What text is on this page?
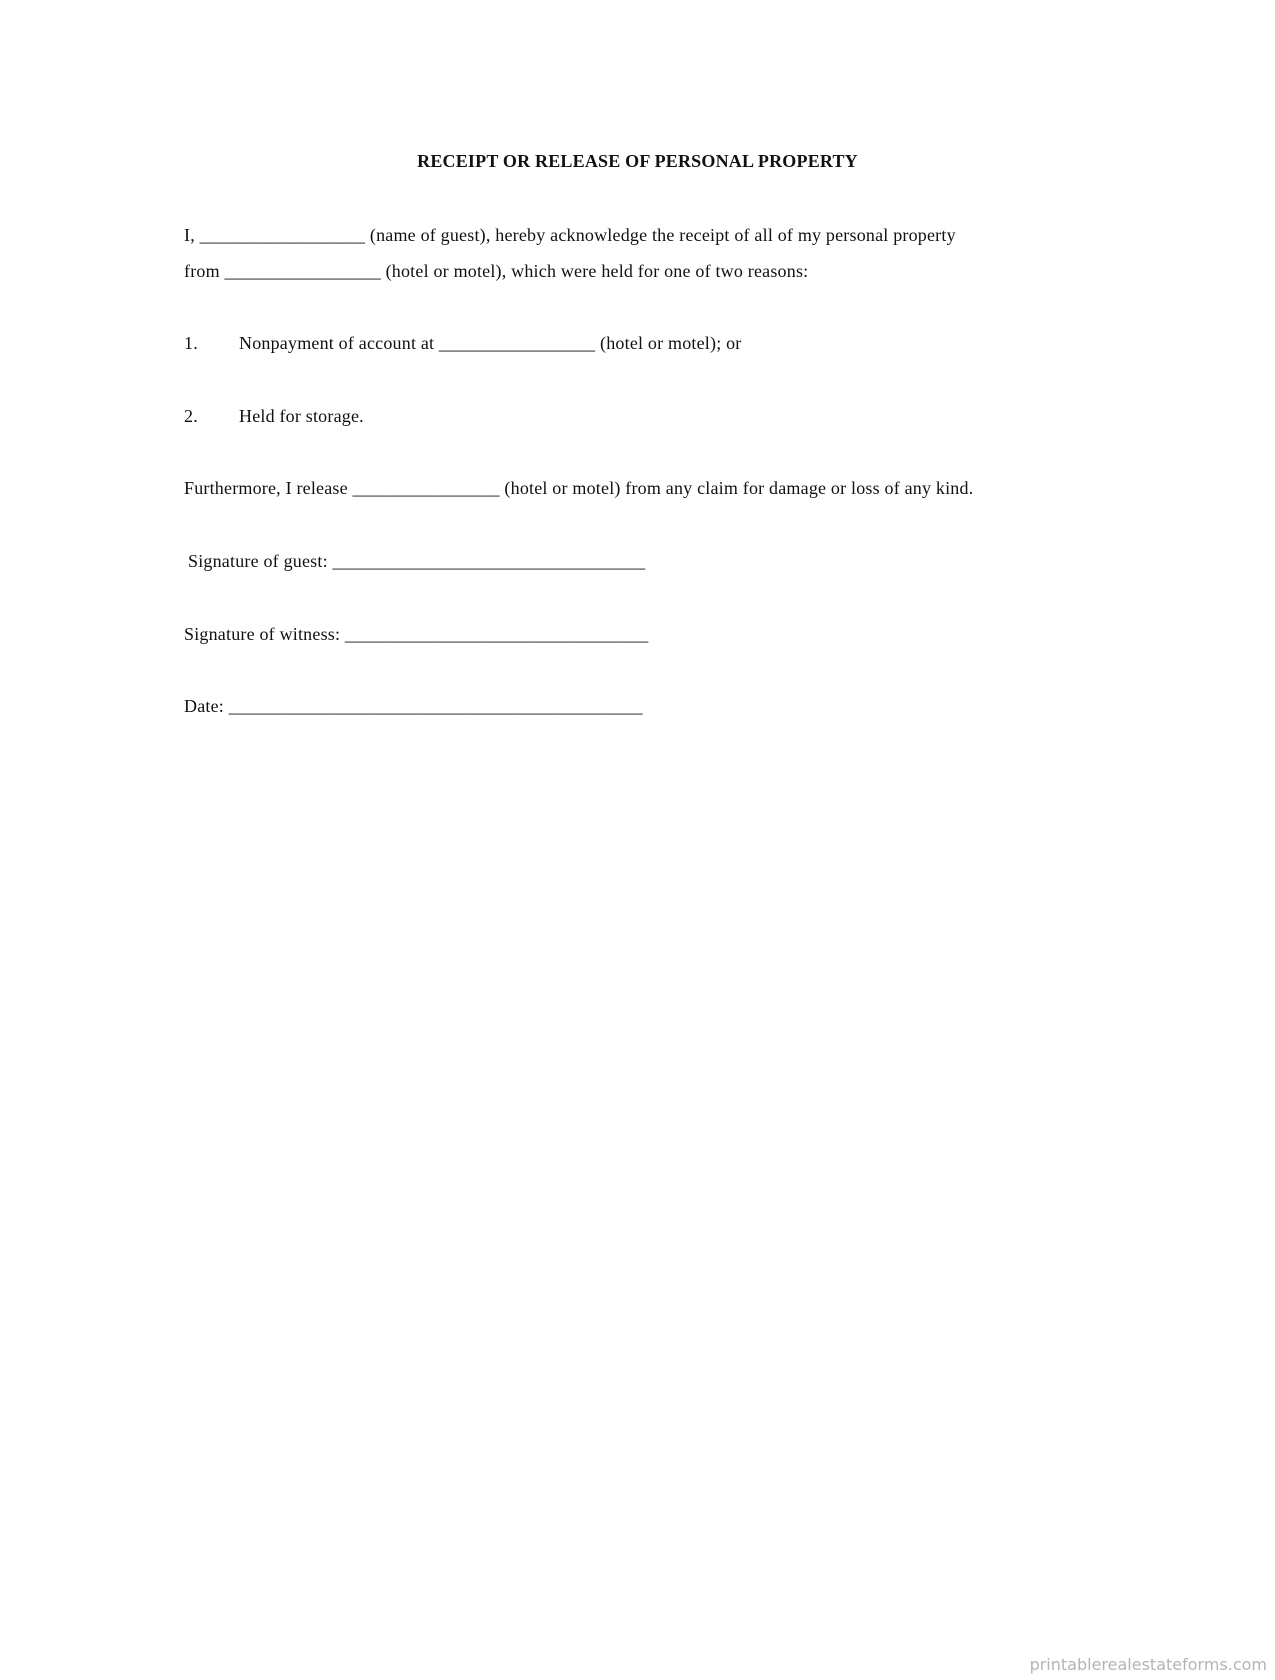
RECEIPT OR RELEASE OF PERSONAL PROPERTY
I, __________________ (name of guest), hereby acknowledge the receipt of all of my personal property
from _________________ (hotel or motel), which were held for one of two reasons:
1. Nonpayment of account at _________________ (hotel or motel); or
2. Held for storage.
Furthermore, I release ________________ (hotel or motel) from any claim for damage or loss of any kind.
Signature of guest: __________________________________
Signature of witness: _________________________________
Date: _____________________________________________
printablerealestateforms.com
